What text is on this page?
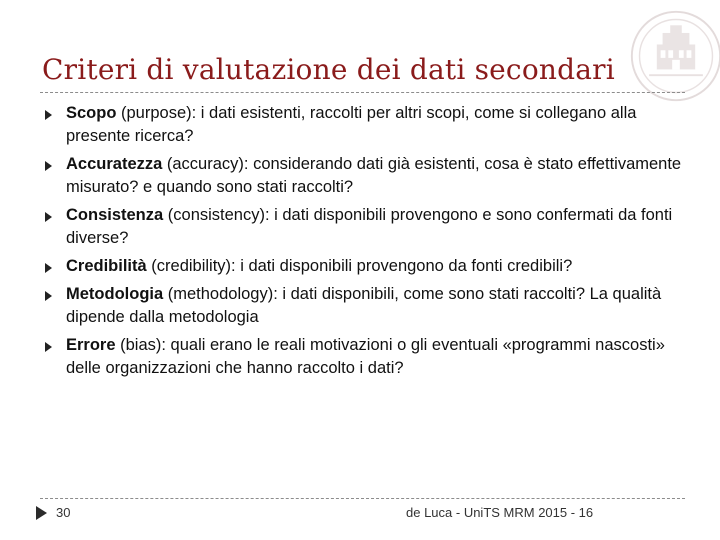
Criteri di valutazione dei dati secondari
Scopo (purpose): i dati esistenti, raccolti per altri scopi, come si collegano alla presente ricerca?
Accuratezza (accuracy): considerando dati già esistenti, cosa è stato effettivamente misurato? e quando sono stati raccolti?
Consistenza (consistency): i dati disponibili provengono e sono confermati da fonti diverse?
Credibilità (credibility): i dati disponibili provengono da fonti credibili?
Metodologia (methodology): i dati disponibili, come sono stati raccolti? La qualità dipende dalla metodologia
Errore (bias): quali erano le reali motivazioni o gli eventuali «programmi nascosti» delle organizzazioni che hanno raccolto i dati?
30	de Luca - UniTS MRM 2015 - 16
